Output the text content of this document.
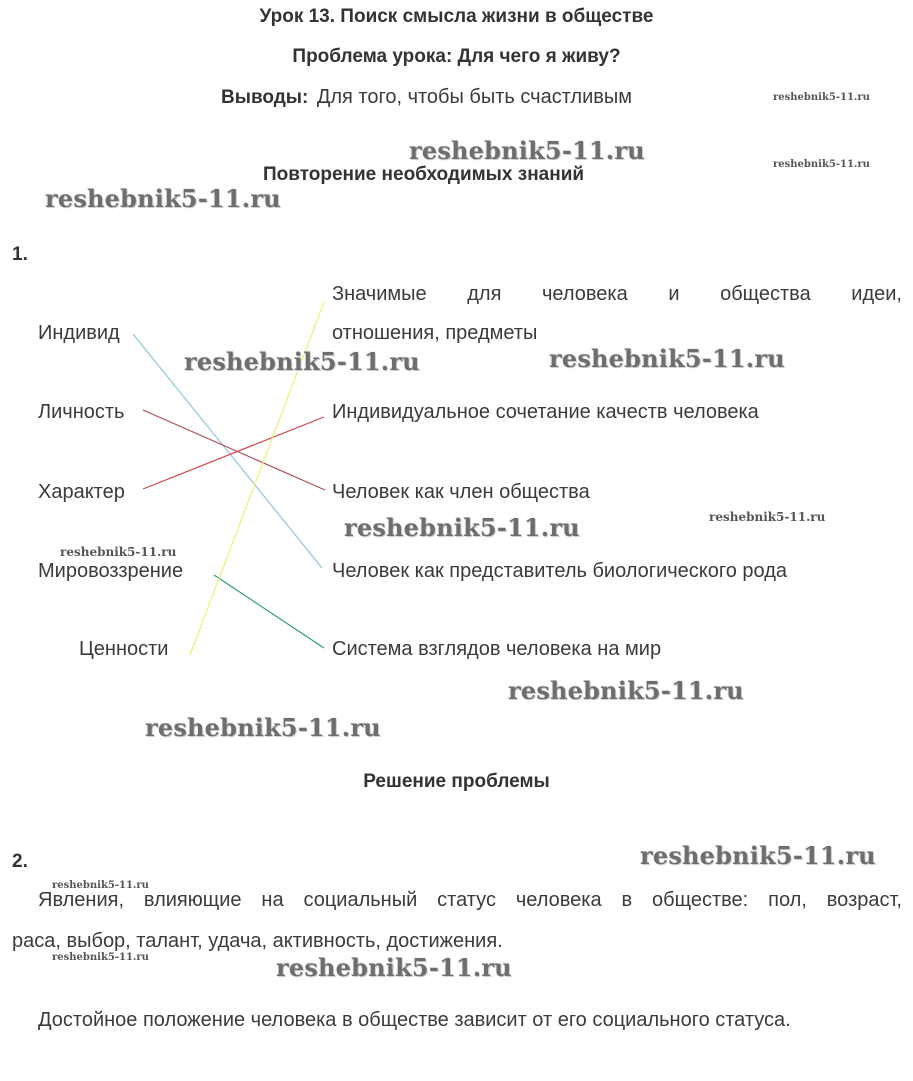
Урок 13. Поиск смысла жизни в обществе
Проблема урока: Для чего я живу?
Выводы: Для того, чтобы быть счастливым
Повторение необходимых знаний
1.
Индивид
Личность
Характер
Мировоззрение
Ценности
Значимые для человека и общества идеи,
отношения, предметы
Индивидуальное сочетание качеств человека
Человек как член общества
Человек как представитель биологического рода
Система взглядов человека на мир
Решение проблемы
2.
Явления, влияющие на социальный статус человека в обществе: пол, возраст,
раса, выбор, талант, удача, активность, достижения.
Достойное положение человека в обществе зависит от его социального статуса.
reshebnik5-11.ru
reshebnik5-11.ru	reshebnik5-11.ru
reshebnik5-11.ru
reshebnik5-11.ru	reshebnik5-11.ru
reshebnik5-11.ru	reshebnik5-11.ru
reshebnik5-11.ru
reshebnik5-11.ru
reshebnik5-11.ru
reshebnik5-11.ru
reshebnik5-11.ru
reshebnik5-11.ru	reshebnik5-11.ru
